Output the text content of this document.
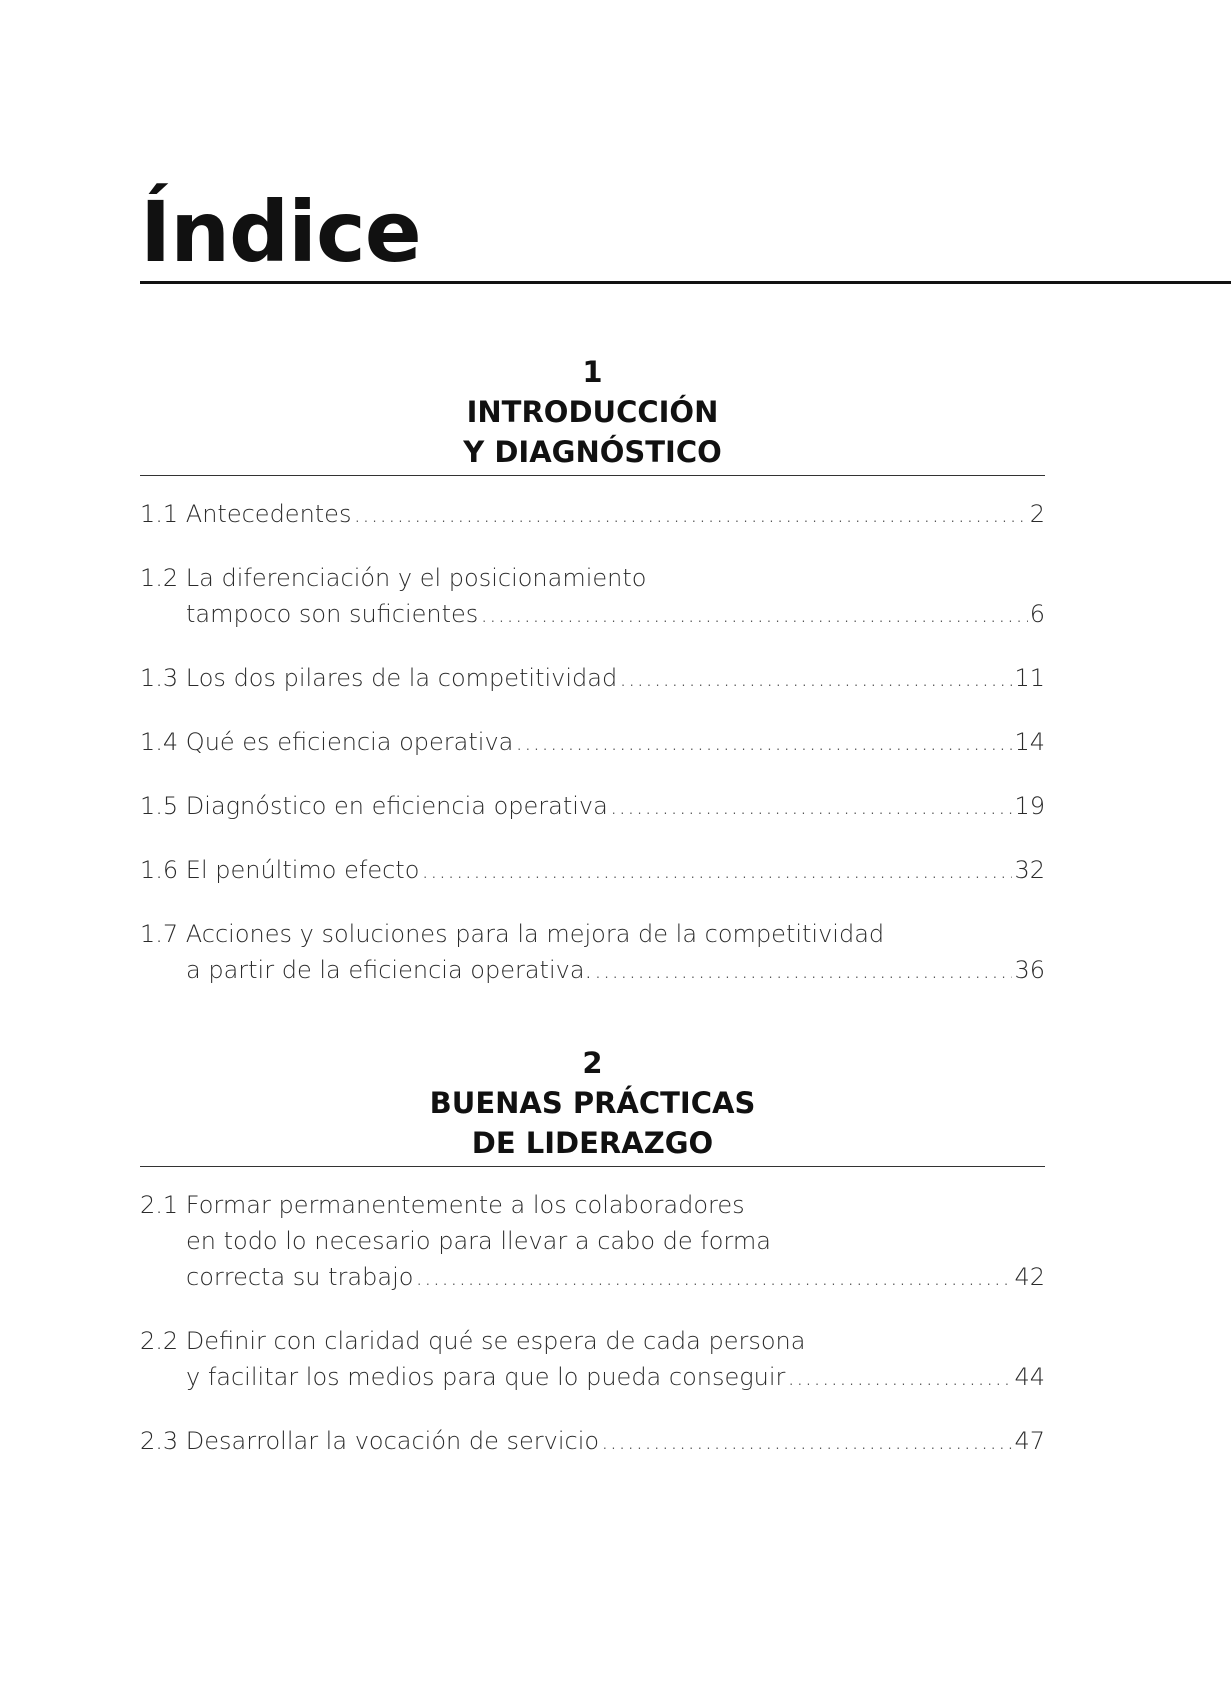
Índice
1
INTRODUCCIÓN
Y DIAGNÓSTICO
1.1 Antecedentes .....	2
1.2 La diferenciación y el posicionamiento
tampoco son suficientes .....	6
1.3 Los dos pilares de la competitividad .....	11
1.4 Qué es eficiencia operativa .....	14
1.5 Diagnóstico en eficiencia operativa .....	19
1.6 El penúltimo efecto .....	32
1.7 Acciones y soluciones para la mejora de la competitividad
a partir de la eficiencia operativa. .....	36
2
BUENAS PRÁCTICAS
DE LIDERAZGO
2.1 Formar permanentemente a los colaboradores
en todo lo necesario para llevar a cabo de forma
correcta su trabajo .....	42
2.2 Definir con claridad qué se espera de cada persona
y facilitar los medios para que lo pueda conseguir .....	44
2.3 Desarrollar la vocación de servicio .....	47
